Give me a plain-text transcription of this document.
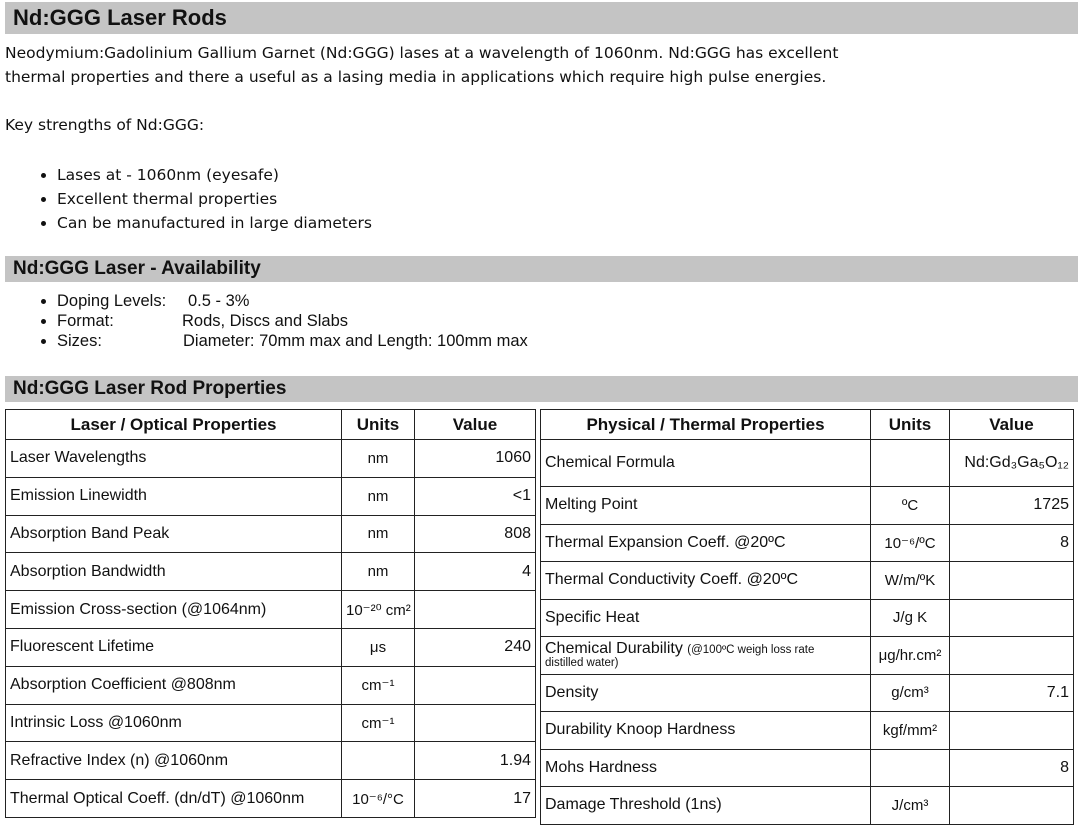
Nd:GGG Laser Rods
Neodymium:Gadolinium Gallium Garnet (Nd:GGG) lases at a wavelength of 1060nm. Nd:GGG has excellent
thermal properties and there a useful as a lasing media in applications which require high pulse energies.
Key strengths of Nd:GGG:
• Lases at - 1060nm (eyesafe)
• Excellent thermal properties
• Can be manufactured in large diameters
Nd:GGG Laser - Availability
• Doping Levels: 0.5 - 3%
• Format:	Rods, Discs and Slabs
• Sizes:	Diameter: 70mm max and Length: 100mm max
Nd:GGG Laser Rod Properties
Laser / Optical Properties	Units	Value
Laser Wavelengths	nm	1060
Emission Linewidth	nm	<1
Absorption Band Peak	nm	808
Absorption Bandwidth	nm	4
Emission Cross-section (@1064nm)	10⁻²⁰ cm²	
Fluorescent Lifetime	μs	240
Absorption Coefficient @808nm	cm⁻¹	
Intrinsic Loss @1060nm	cm⁻¹	
Refractive Index (n) @1060nm		1.94
Thermal Optical Coeff. (dn/dT) @1060nm	10⁻⁶/°C	17
Physical / Thermal Properties	Units	Value
Chemical Formula		Nd:Gd₃Ga₅O₁₂
Melting Point	ºC	1725
Thermal Expansion Coeff. @20ºC	10⁻⁶/ºC	8
Thermal Conductivity Coeff. @20ºC	W/m/ºK	
Specific Heat	J/g K	
Chemical Durability (@100ºC weigh loss rate
distilled water)	μg/hr.cm²	
Density	g/cm³	7.1
Durability Knoop Hardness	kgf/mm²	
Mohs Hardness		8
Damage Threshold (1ns)	J/cm³	
